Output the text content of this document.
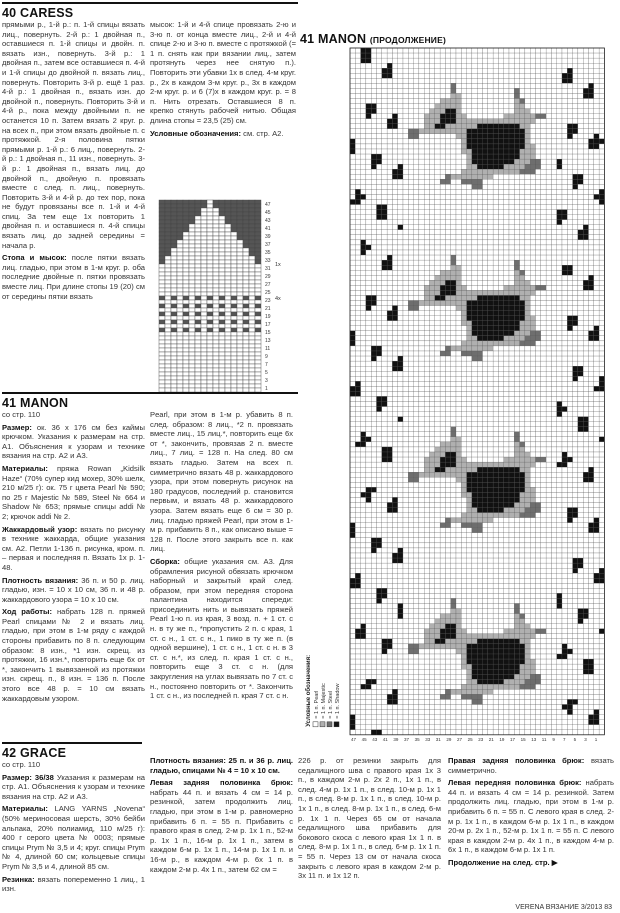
40 CARESS

прямыми р., 1-й р.: п. 1-й спицы вязать лиц., повернуть. 2-й р.: 1 двойная п., оставшиеся п. 1-й спицы и двойн. п. вязать изн., повернуть. 3-й р.: 1 двойная п., затем все оставшиеся п. 4-й и 1-й спицы до двойной п. вязать лиц., повернуть. Повторить 3-й р. ещё 1 раз. 4-й р.: 1 двойная п., вязать изн. до двойной п., повернуть. Повторить 3-й и 4-й р., пока между двойными п. не останется 10 п. Затем вязать 2 круг. р. на всех п., при этом вязать двойные п. с протяжкой. 2-я половина пятки прямыми р. 1-й р.: 6 лиц., повернуть. 2-й р.: 1 двойная п., 11 изн., повернуть. 3-й р.: 1 двойная п., вязать лиц. до двойной п., двойную п. провязать вместе с след. п. лиц., повернуть. Повторить 3-й и 4-й р. до тех пор, пока не будут провязаны все п. 1-й и 4-й спиц. За тем еще 1х повторить 1 двойная п. и оставшиеся п. 4-й спицы вязать лиц. до задней середины = начала р.

Стопа и мысок: после пятки вязать лиц. гладью, при этом в 1-м круг. р. оба последние двойные п. пятки провязать вместе лиц. При длине стопы 19 (20) см от середины пятки вязать

мысок: 1-й и 4-й спице провязать 2-ю и 3-ю п. от конца вместе лиц., 2-й и 4-й спице 2-ю и 3-ю п. вместе с протяжкой (= 1 п. снять как при вязании лиц., затем протянуть через нее снятую п.). Повторить эти убавки 1х в след. 4-м круг. р., 2х в каждом 3-м круг. р., 3х в каждом 2-м круг. р. и 6 (7)х в каждом круг. р. = 8 п. Нить отрезать. Оставшиеся 8 п. крепко стянуть рабочей нитью. Общая длина стопы = 23,5 (25) см.

Условные обозначения: см. стр. A2.

47
45
43
41
39
37
35
33
31
29
27
25
23
21
19
17
15
13
11
9
7
5
3
1
1x
4x
41 MANON

со стр. 110

Размер: ок. 36 х 176 см без каймы крючком. Указания к размерам на стр. A1. Объяснения к узорам и технике вязания на стр. A2 и A3.

Материалы: пряжа Rowan „Kidsilk Haze“ (70% супер кид мохер, 30% шелк, 210 м/25 г): ок. 75 г цвета Pearl № 590; по 25 г Majestic № 589, Steel № 664 и Shadow № 653; прямые спицы addi № 2; крючок addi № 2.

Жаккардовый узор: вязать по рисунку в технике жаккарда, общие указания см. A2. Петли 1-136 п. рисунка, кром. п. – первая и последняя п. Вязать 1х р. 1-48.

Плотность вязания: 36 п. и 50 р. лиц. гладью, изн. = 10 х 10 см, 36 п. и 48 р. жаккардового узора = 10 х 10 см.

Ход работы: набрать 128 п. пряжей Pearl спицами № 2 и вязать лиц. гладью, при этом в 1-м ряду с каждой стороны прибавить по 8 п. следующим образом: 8 изн., *1 изн. скрещ. из протяжки, 16 изн.*, повторить еще 6х от *, закончить 1 вывязанной из протяжки изн. скрещ. п., 8 изн. = 136 п. После этого все 48 р. = 10 см вязать жаккардовым узором.

Pearl, при этом в 1-м р. убавить 8 п. след. образом: 8 лиц., *2 п. провязать вместе лиц., 15 лиц.*, повторить еще 6х от *, закончить, провязав 2 п. вместе лиц., 7 лиц. = 128 п. На след. 80 см вязать гладью. Затем на всех п. симметрично вязать 48 р. жаккардового узора, при этом повернуть рисунок на 180 градусов, последний р. становится первым, и вязать 48 р. жаккардового узора. Затем вязать еще 6 см = 30 р. лиц. гладью пряжей Pearl, при этом в 1-м р. прибавить 8 п., как описано выше = 128 п. После этого закрыть все п. как лиц.

Сборка: общие указания см. A3. Для обрамления рисуной обвязать крючком наборный и закрытый край след. образом, при этом передняя сторона палантина находится спереди: присоединить нить и вывязать пряжей Pearl 1-ю п. из края, 3 возд. п. + 1 ст. с н. в ту же п., *пропустить 2 п. с края, 1 ст. с н., 1 ст. с н., 1 пико в ту же п. (в одной вершине), 1 ст. с н., 1 ст. с н. в 3 ст. с н.*, из след. п. края 1 ст. с н., повторить еще 3 ст. с н. (для закругления на углах вывязать по 7 ст. с н., постоянно повторить от *. Закончить 1 ст. с н., из последней п. края 7 ст. с н.

41 MANON (ПРОДОЛЖЕНИЕ)
Условные обозначения: = 1 п. Pearl = 1 п. Majestic = 1 п. Steel = 1 п. Shadow
47 45 43 41 39 37 35 33 31 29 27 25 23 21 19 17 15 13 11 9 7 5 3 1
42 GRACE

со стр. 110

Размер: 36/38 Указания к размерам на стр. A1. Объяснения к узорам и технике вязания на стр. A2 и A3.

Материалы: LANG YARNS „Novena“ (50% мериносовая шерсть, 30% бейби альпака, 20% полиамид, 110 м/25 г): 400 г серого цвета № 0003; прямые спицы Prym № 3,5 и 4; круг. спицы Prym № 4, длиной 60 см; кольцевые спицы Prym № 3,5 и 4, длиной 85 см.

Резинка: вязать попеременно 1 лиц., 1 изн.

Плотность вязания: 25 п. и 36 р. лиц. гладью, спицами № 4 = 10 х 10 см.

Левая задняя половинка брюк: набрать 44 п. и вязать 4 см = 14 р. резинкой, затем продолжить лиц. гладью, при этом в 1-м р. равномерно прибавить 6 п. = 55 п. Прибавить с правого края в след. 2-м р. 1х 1 п., 52-м р. 1х 1 п., 16-м р. 1х 1 п., затем в каждом 6-м р. 1х 1 п., 14-м р. 1х 1 п. и 16-м р., в каждом 4-м р. 6х 1 п. в каждом 2-м р. 4х 1 п., затем 62 см =

226 р. от резинки закрыть для седалищного шва с правого края 1х 3 п., в каждом 2-м р. 2х 2 п., 1х 1 п., в след. 4-м р. 1х 1 п., в след. 10-м р. 1х 1 п., в след. 8-м р. 1х 1 п., в след. 10-м р. 1х 1 п., в след. 8-м р. 1х 1 п., в след. 6-м р. 1х 1 п. Через 65 см от начала седалищного шва прибавить для бокового скоса с левого края 1х 1 п. в след. 8-м р. 1х 1 п., в след. 6-м р. 1х 1 п. = 55 п. Через 13 см от начала скоса закрыть с левого края в каждом 2-м р. 3х 11 п. и 1х 12 п.

Правая задняя половинка брюк: вязать симметрично.

Левая передняя половинка брюк: набрать 44 п. и вязать 4 см = 14 р. резинкой. Затем продолжить лиц. гладью, при этом в 1-м р. прибавить 6 п. = 55 п. С левого края в след. 2-м р. 1х 1 п., в каждом 6-м р. 1х 1 п., в каждом 20-м р. 2х 1 п., 52-м р. 1х 1 п. = 55 п. С левого края в каждом 2-м р. 4х 1 п., в каждом 4-м р. 6х 1 п., в каждом 6-м р. 1х 1 п.

Продолжение на след. стр. ▶

VERENA ВЯЗАНИЕ 3/2013 83
